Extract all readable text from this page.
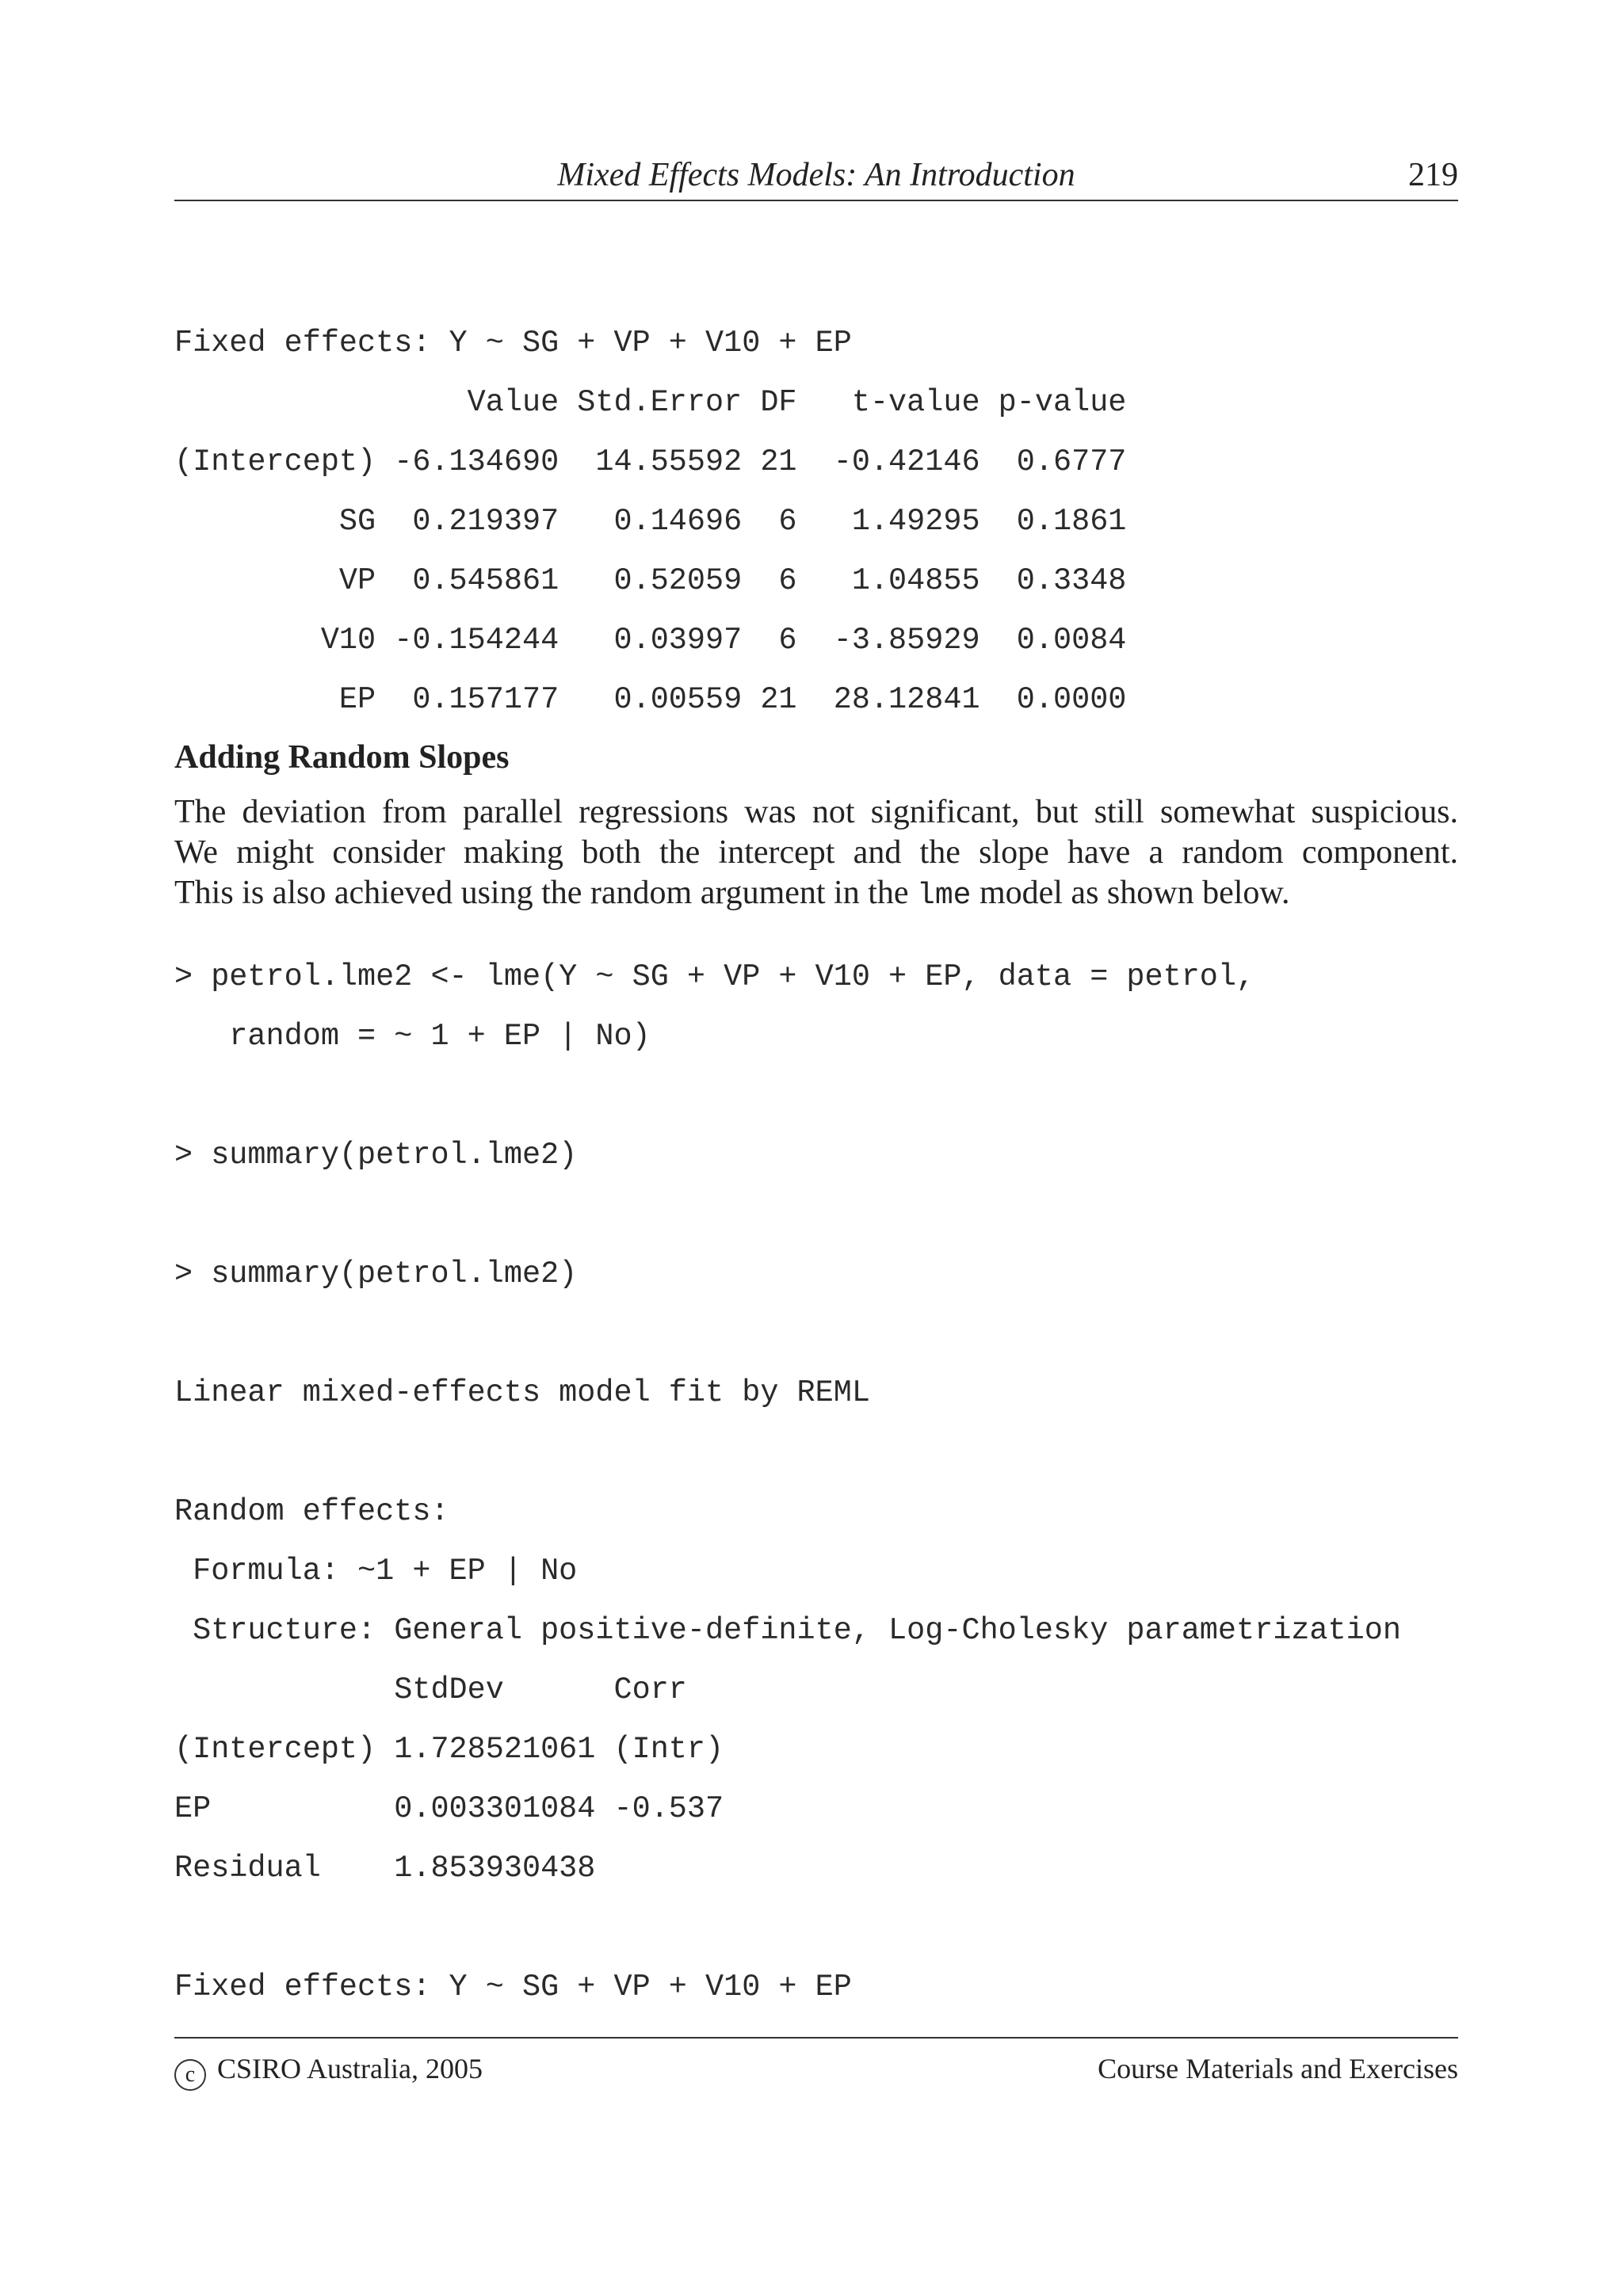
Mixed Effects Models: An Introduction	219
Fixed effects: Y ~ SG + VP + V10 + EP
Value Std.Error DF   t-value p-value
(Intercept) -6.134690  14.55592 21  -0.42146  0.6777
SG  0.219397   0.14696  6   1.49295  0.1861
VP  0.545861   0.52059  6   1.04855  0.3348
V10 -0.154244   0.03997  6  -3.85929  0.0084
EP  0.157177   0.00559 21  28.12841  0.0000
Adding Random Slopes
The deviation from parallel regressions was not significant, but still somewhat suspicious.
We might consider making both the intercept and the slope have a random component.
This is also achieved using the random argument in the lme model as shown below.
> petrol.lme2 <- lme(Y ~ SG + VP + V10 + EP, data = petrol,
random = ~ 1 + EP | No)
> summary(petrol.lme2)
> summary(petrol.lme2)
Linear mixed-effects model fit by REML
Random effects:
Formula: ~1 + EP | No
Structure: General positive-definite, Log-Cholesky parametrization
StdDev      Corr
(Intercept) 1.728521061 (Intr)
EP          0.003301084 -0.537
Residual    1.853930438
Fixed effects: Y ~ SG + VP + V10 + EP
c CSIRO Australia, 2005	Course Materials and Exercises
